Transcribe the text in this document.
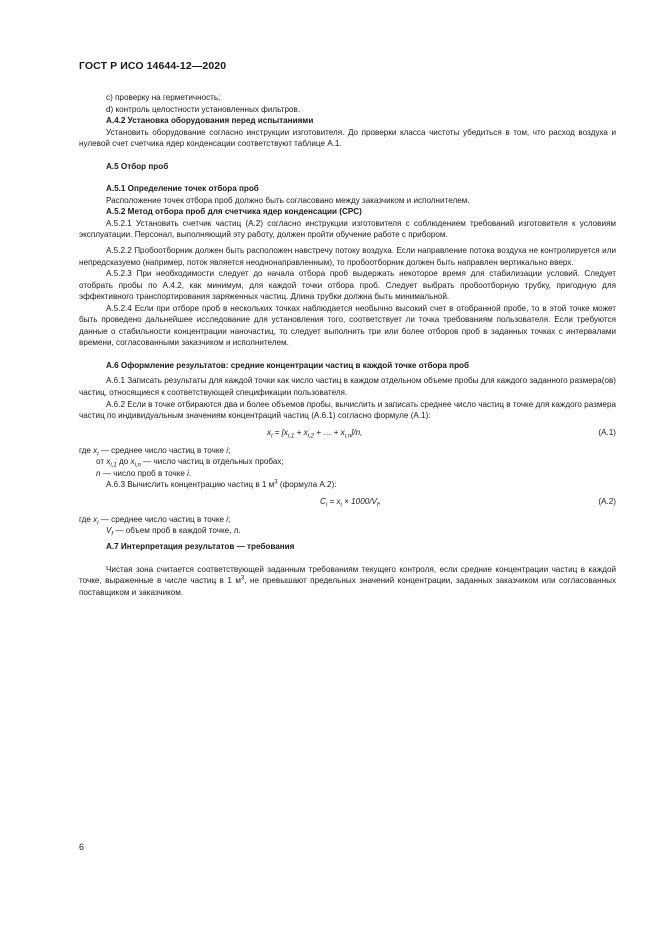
ГОСТ Р ИСО 14644-12—2020

с) проверку на герметичность;

d) контроль целостности установленных фильтров.

А.4.2 Установка оборудования перед испытаниями

Установить оборудование согласно инструкции изготовителя. До проверки класса чистоты убедиться в том, что расход воздуха и нулевой счет счетчика ядер конденсации соответствуют таблице А.1.

А.5 Отбор проб

А.5.1 Определение точек отбора проб

Расположение точек отбора проб должно быть согласовано между заказчиком и исполнителем.

А.5.2 Метод отбора проб для счетчика ядер конденсации (CPC)

А.5.2.1 Установить счетчик частиц (А.2) согласно инструкции изготовителя с соблюдением требований изготовителя к условиям эксплуатации. Персонал, выполняющий эту работу, должен пройти обучение работе с прибором.

А.5.2.2 Пробоотборник должен быть расположен навстречу потоку воздуха. Если направление потока воздуха не контролируется или непредсказуемо (например, поток является неоднонаправленным), то пробоотборник должен быть направлен вертикально вверх.

А.5.2.3 При необходимости следует до начала отбора проб выдержать некоторое время для стабилизации условий. Следует отобрать пробы по А.4.2, как минимум, для каждой точки отбора проб. Следует выбрать пробоотборную трубку, пригодную для эффективного транспортирования заряженных частиц. Длина трубки должна быть минимальной.

А.5.2.4 Если при отборе проб в нескольких точках наблюдается необычно высокий счет в отобранной пробе, то в этой точке может быть проведено дальнейшее исследование для установления того, соответствует ли точка требованиям пользователя. Если требуются данные о стабильности концентрации наночастиц, то следует выполнить три или более отборов проб в заданных точках с интервалами времени, согласованными заказчиком и исполнителем.

А.6 Оформление результатов: средние концентрации частиц в каждой точке отбора проб

А.6.1 Записать результаты для каждой точки как число частиц в каждом отдельном объеме пробы для каждого заданного размера(ов) частиц, относящиеся к соответствующей спецификации пользователя.

А.6.2 Если в точке отбираются два и более объемов пробы, вычислить и записать среднее число частиц в точке для каждого размера частиц по индивидуальным значениям концентраций частиц (А.6.1) согласно формуле (А.1):

$x_i = [x_{i,1} + x_{i,2}$ + … + $x_{i,n}]/n$,	(А.1)

где $x_i$ — среднее число частиц в точке i;

от $x_{i,1}$ до $x_{i,n}$ — число частиц в отдельных пробах;

n — число проб в точке i.

А.6.3 Вычислить концентрацию частиц в 1 $м^3$ (формула А.2):

$C_i = x_i \times 1000/V_f$,	(А.2)

где $x_i$ — среднее число частиц в точке i;

$V_f$ — объем проб в каждой точке, л.

А.7 Интерпретация результатов — требования

Чистая зона считается соответствующей заданным требованиям текущего контроля, если средние концентрации частиц в каждой точке, выраженные в числе частиц в 1 $м^3$, не превышают предельных значений концентрации, заданных заказчиком или согласованных поставщиком и заказчиком.

6
